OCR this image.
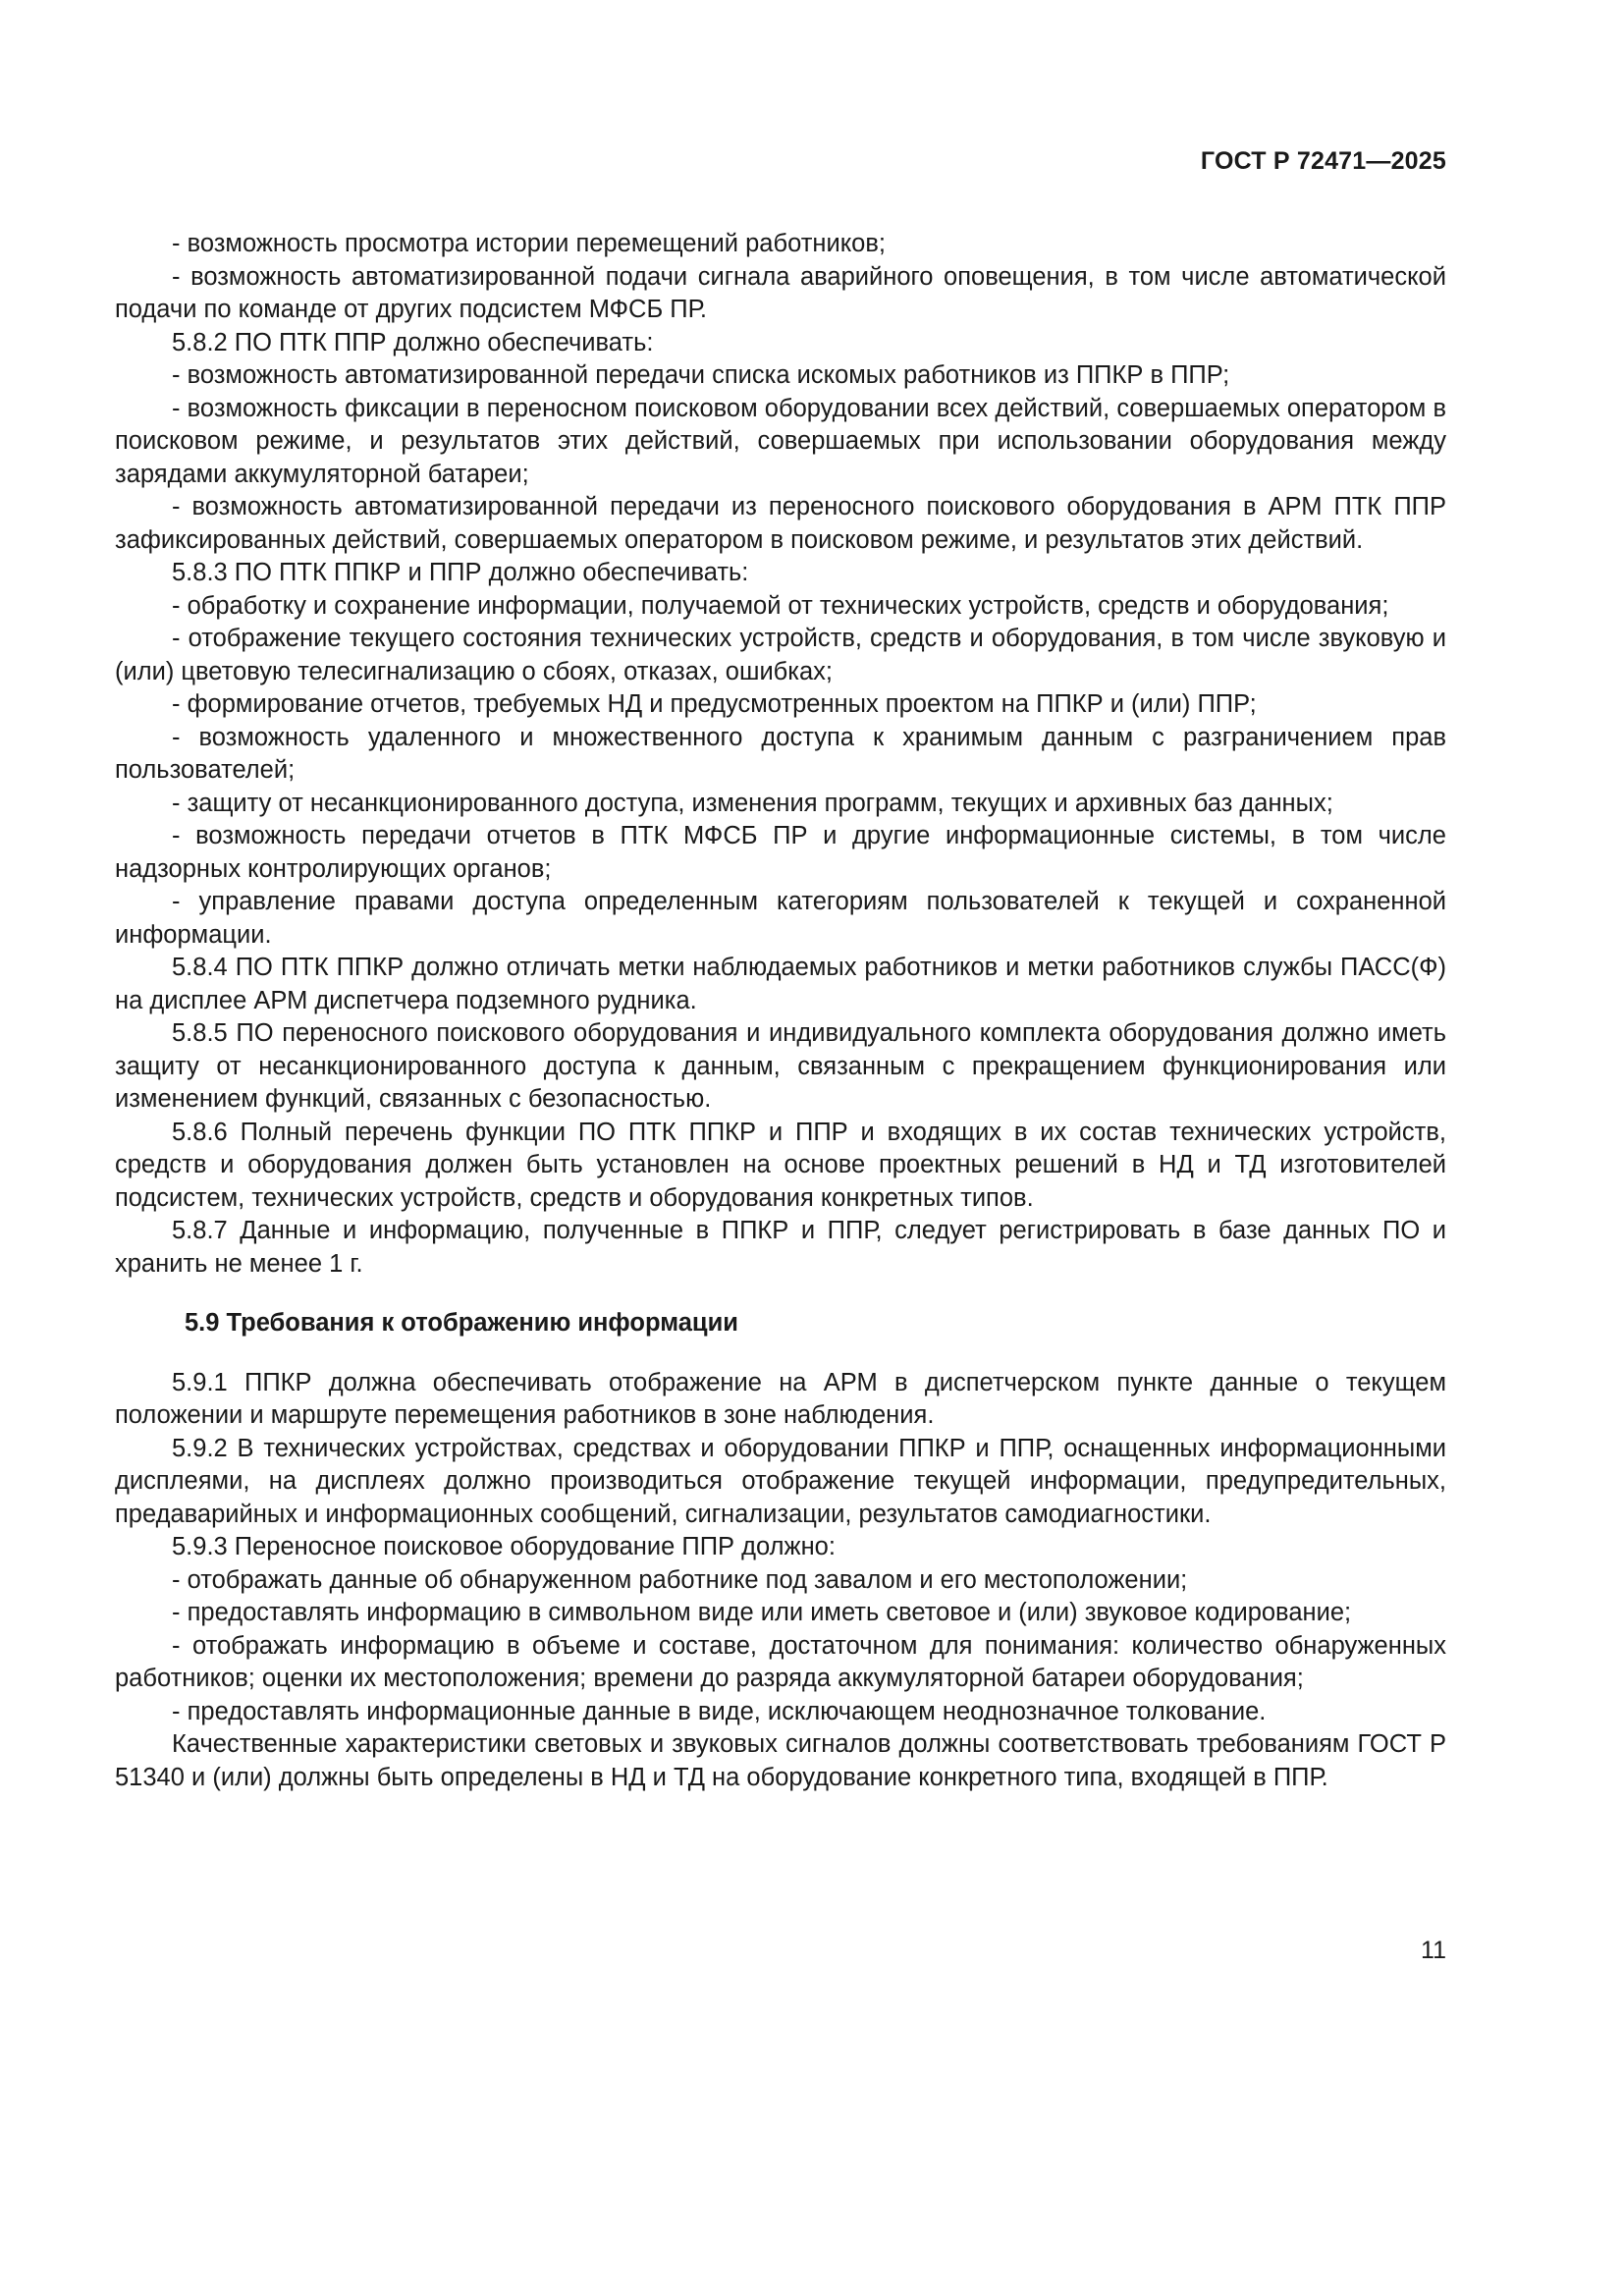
ГОСТ Р 72471—2025

- возможность просмотра истории перемещений работников;

- возможность автоматизированной подачи сигнала аварийного оповещения, в том числе автоматической подачи по команде от других подсистем МФСБ ПР.

5.8.2 ПО ПТК ППР должно обеспечивать:

- возможность автоматизированной передачи списка искомых работников из ППКР в ППР;

- возможность фиксации в переносном поисковом оборудовании всех действий, совершаемых оператором в поисковом режиме, и результатов этих действий, совершаемых при использовании оборудования между зарядами аккумуляторной батареи;

- возможность автоматизированной передачи из переносного поискового оборудования в АРМ ПТК ППР зафиксированных действий, совершаемых оператором в поисковом режиме, и результатов этих действий.

5.8.3 ПО ПТК ППКР и ППР должно обеспечивать:

- обработку и сохранение информации, получаемой от технических устройств, средств и оборудования;

- отображение текущего состояния технических устройств, средств и оборудования, в том числе звуковую и (или) цветовую телесигнализацию о сбоях, отказах, ошибках;

- формирование отчетов, требуемых НД и предусмотренных проектом на ППКР и (или) ППР;

- возможность удаленного и множественного доступа к хранимым данным с разграничением прав пользователей;

- защиту от несанкционированного доступа, изменения программ, текущих и архивных баз данных;

- возможность передачи отчетов в ПТК МФСБ ПР и другие информационные системы, в том числе надзорных контролирующих органов;

- управление правами доступа определенным категориям пользователей к текущей и сохраненной информации.

5.8.4 ПО ПТК ППКР должно отличать метки наблюдаемых работников и метки работников службы ПАСС(Ф) на дисплее АРМ диспетчера подземного рудника.

5.8.5 ПО переносного поискового оборудования и индивидуального комплекта оборудования должно иметь защиту от несанкционированного доступа к данным, связанным с прекращением функционирования или изменением функций, связанных с безопасностью.

5.8.6 Полный перечень функции ПО ПТК ППКР и ППР и входящих в их состав технических устройств, средств и оборудования должен быть установлен на основе проектных решений в НД и ТД изготовителей подсистем, технических устройств, средств и оборудования конкретных типов.

5.8.7 Данные и информацию, полученные в ППКР и ППР, следует регистрировать в базе данных ПО и хранить не менее 1 г.

5.9 Требования к отображению информации

5.9.1 ППКР должна обеспечивать отображение на АРМ в диспетчерском пункте данные о текущем положении и маршруте перемещения работников в зоне наблюдения.

5.9.2 В технических устройствах, средствах и оборудовании ППКР и ППР, оснащенных информационными дисплеями, на дисплеях должно производиться отображение текущей информации, предупредительных, предаварийных и информационных сообщений, сигнализации, результатов самодиагностики.

5.9.3 Переносное поисковое оборудование ППР должно:

- отображать данные об обнаруженном работнике под завалом и его местоположении;

- предоставлять информацию в символьном виде или иметь световое и (или) звуковое кодирование;

- отображать информацию в объеме и составе, достаточном для понимания: количество обнаруженных работников; оценки их местоположения; времени до разряда аккумуляторной батареи оборудования;

- предоставлять информационные данные в виде, исключающем неоднозначное толкование.

Качественные характеристики световых и звуковых сигналов должны соответствовать требованиям ГОСТ Р 51340 и (или) должны быть определены в НД и ТД на оборудование конкретного типа, входящей в ППР.

11
